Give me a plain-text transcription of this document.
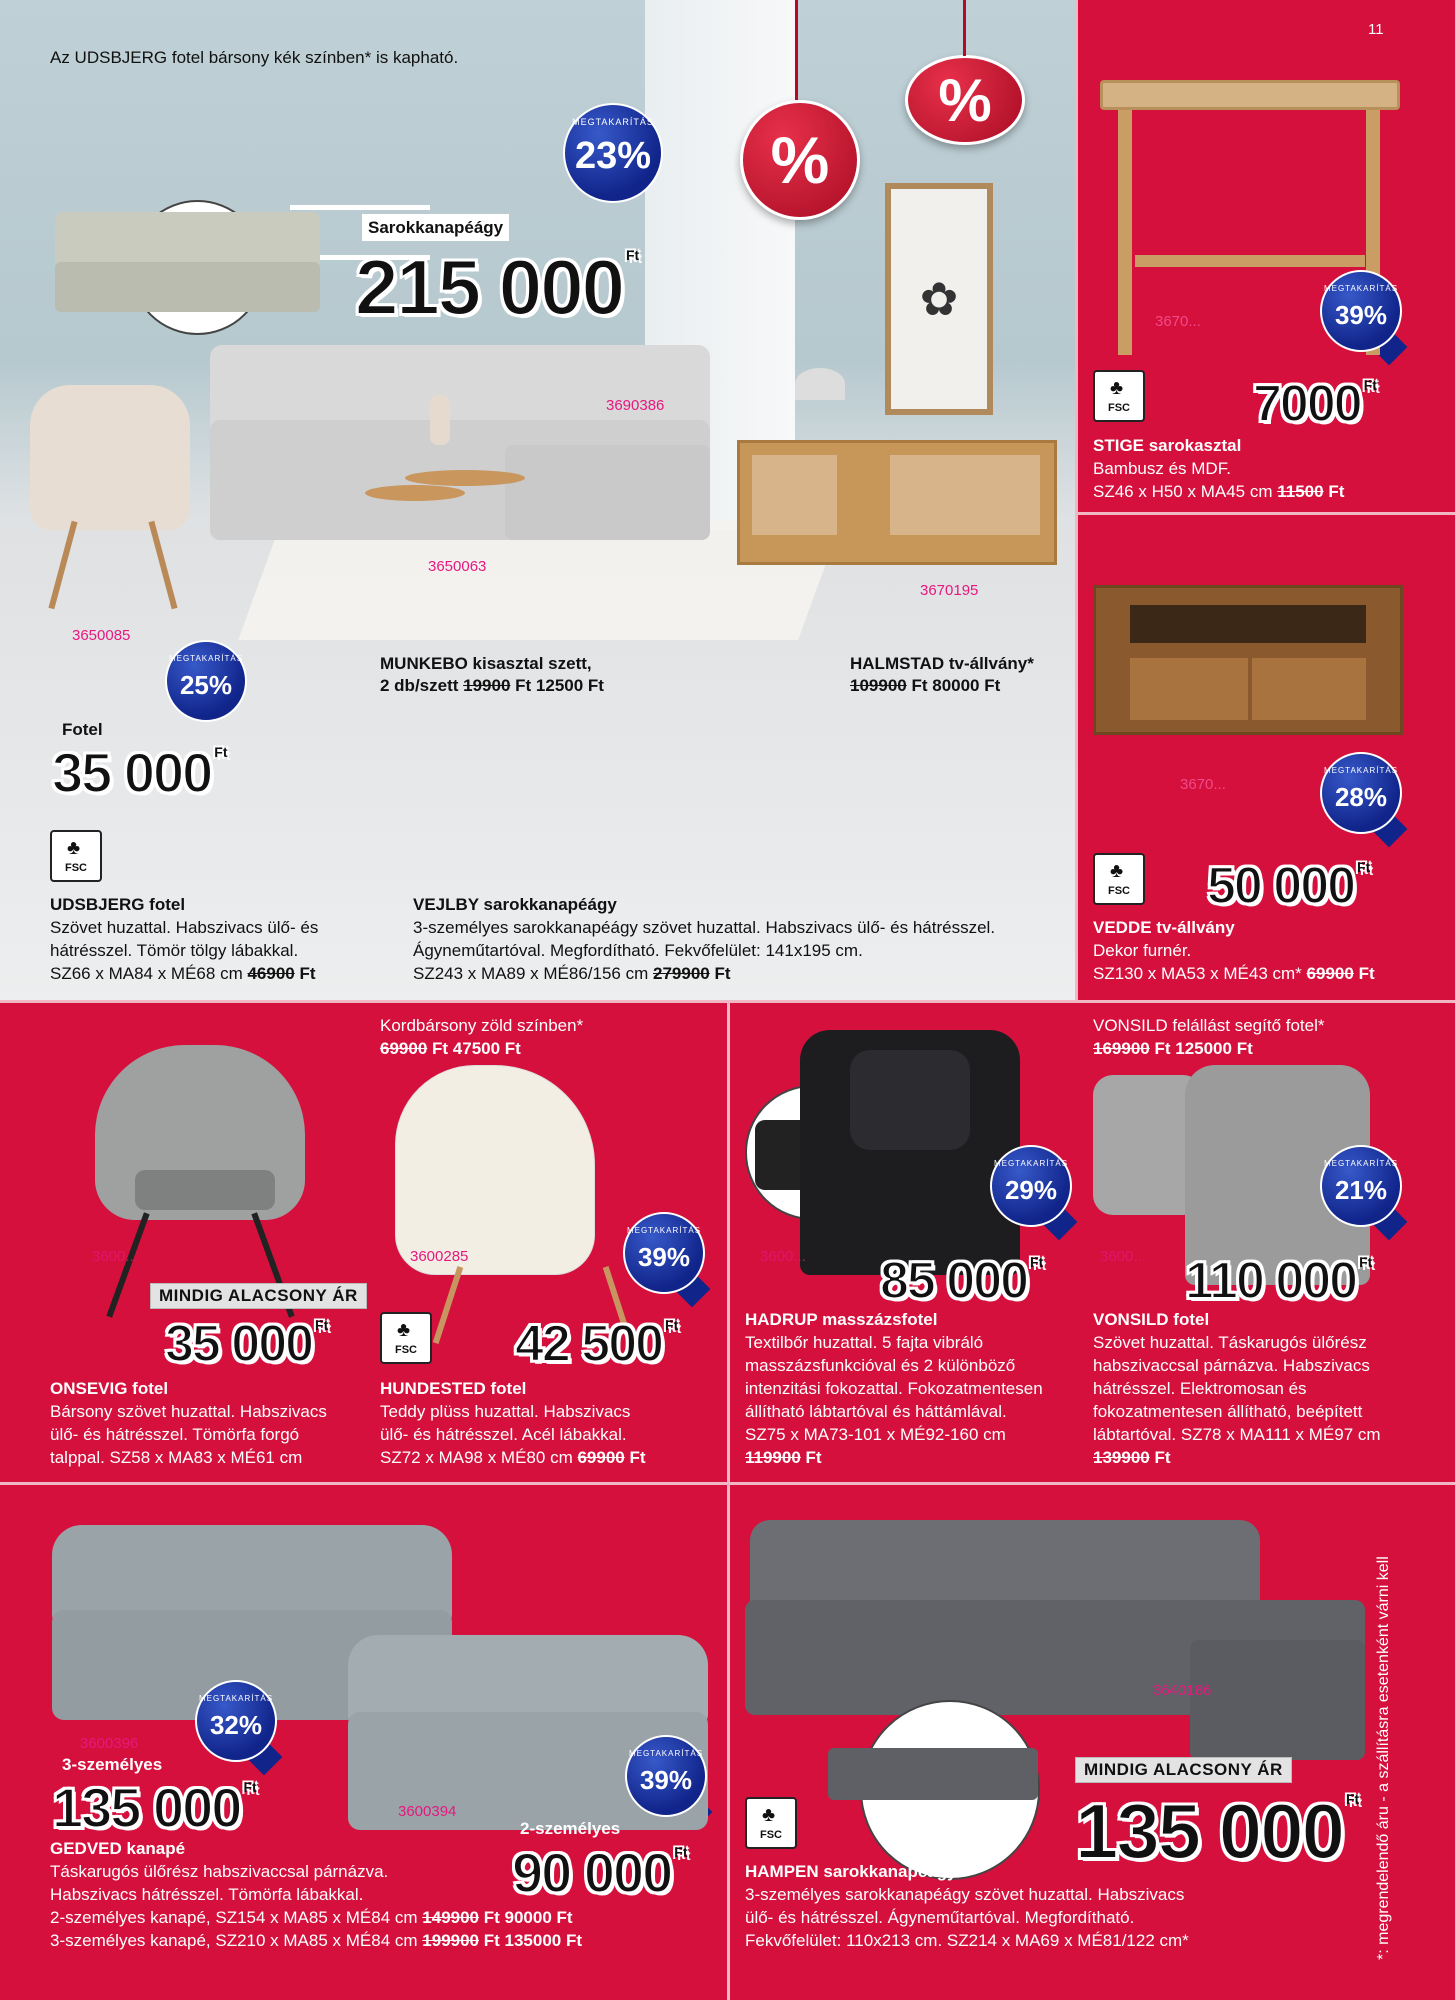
✿
%
%
Az UDSBJERG fotel bársony kék színben* is kapható.
Sarokkanapéágy
215 000 $^{Ft}$
MEGTAKARÍTÁS
23%
3690386
3650063
3670195
3650085
MEGTAKARÍTÁS
25%
Fotel
35 000 $^{Ft}$
MUNKEBO kisasztal szett,
2 db/szett 19900 Ft 12500 Ft
HALMSTAD tv-állvány*
109900 Ft 80000 Ft
♣
FSC
UDSBJERG fotel
Szövet huzattal. Habszivacs ülő- és
hátrésszel. Tömör tölgy lábakkal.
SZ66 x MA84 x MÉ68 cm 46900 Ft
VEJLBY sarokkanapéágy
3-személyes sarokkanapéágy szövet huzattal. Habszivacs ülő- és hátrésszel.
Ágyneműtartóval. Megfordítható. Fekvőfelület: 141x195 cm.
SZ243 x MA89 x MÉ86/156 cm 279900 Ft
11
3670...
MEGTAKARÍTÁS
39%
♣
FSC 7000 $^{Ft}$
STIGE sarokasztal
Bambusz és MDF.
SZ46 x H50 x MA45 cm 11500 Ft
3670...
MEGTAKARÍTÁS
28%
♣
FSC 50 000 $^{Ft}$
VEDDE tv-állvány
Dekor furnér.
SZ130 x MA53 x MÉ43 cm* 69900 Ft
3600...
MINDIG ALACSONY ÁR
35 000 $^{Ft}$
ONSEVIG fotel
Bársony szövet huzattal. Habszivacs
ülő- és hátrésszel. Tömörfa forgó
talppal. SZ58 x MA83 x MÉ61 cm
Kordbársony zöld színben*
69900 Ft 47500 Ft
3600285
MEGTAKARÍTÁS
39%
♣
FSC 42 500 $^{Ft}$
HUNDESTED fotel
Teddy plüss huzattal. Habszivacs
ülő- és hátrésszel. Acél lábakkal.
SZ72 x MA98 x MÉ80 cm 69900 Ft
3600...
MEGTAKARÍTÁS
29%
85 000 $^{Ft}$
HADRUP masszázsfotel
Textilbőr huzattal. 5 fajta vibráló
masszázsfunkcióval és 2 különböző
intenzitási fokozattal. Fokozatmentesen
állítható lábtartóval és háttámlával.
SZ75 x MA73-101 x MÉ92-160 cm
119900 Ft
VONSILD felállást segítő fotel*
169900 Ft 125000 Ft
3600...
MEGTAKARÍTÁS
21%
110 000 $^{Ft}$
VONSILD fotel
Szövet huzattal. Táskarugós ülőrész
habszivaccsal párnázva. Habszivacs
hátrésszel. Elektromosan és
fokozatmentesen állítható, beépített
lábtartóval. SZ78 x MA111 x MÉ97 cm
139900 Ft
3600396
3600394
MEGTAKARÍTÁS
32%
MEGTAKARÍTÁS
39%
3-személyes
135 000 $^{Ft}$
2-személyes
90 000 $^{Ft}$
GEDVED kanapé
Táskarugós ülőrész habszivaccsal párnázva.
Habszivacs hátrésszel. Tömörfa lábakkal.
2-személyes kanapé, SZ154 x MA85 x MÉ84 cm 149900 Ft 90000 Ft
3-személyes kanapé, SZ210 x MA85 x MÉ84 cm 199900 Ft 135000 Ft
3640186
MINDIG ALACSONY ÁR
♣
FSC	135 000 $^{Ft}$
HAMPEN sarokkanapéágy
3-személyes sarokkanapéágy szövet huzattal. Habszivacs
ülő- és hátrésszel. Ágyneműtartóval. Megfordítható.
Fekvőfelület: 110x213 cm. SZ214 x MA69 x MÉ81/122 cm*	*: megrendelendő áru - a szállításra esetenként várni kell
